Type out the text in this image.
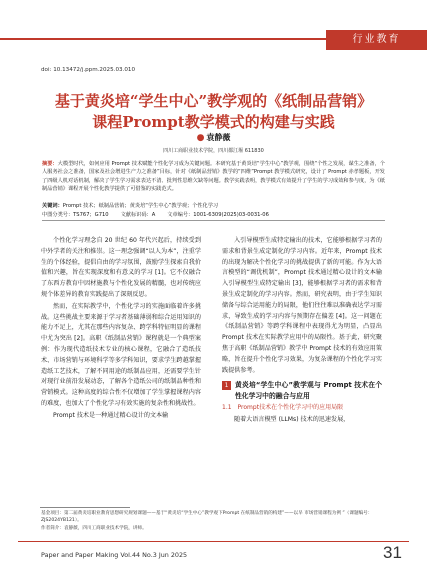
行业教育
doi: 10.13472/j.ppm.2025.03.010
基于黄炎培“学生中心”教学观的《纸制品营销》
课程Prompt教学模式的构建与实践
● 袁静薇
四川工商职业技术学院，四川都江堰 611830
摘要：大模型时代，如何应用 Prompt 技术赋能个性化学习成为关键问题。本研究基于黄炎培“学生中心”教学观，围绕“个性之发展，谋生之准备，个人服务社会之准备，国家及社会增进生产力之准备”目标，针对《纸制品营销》教学的“四维”Prompt 教学模式研究，设计了 Prompt 赤孝题板，开发了四级人机对话机制，解决了学生学习需求表达不清、批判性思维欠缺等问题。教学实践表明，教学模式有效提升了学生的学习成效和参与度，为《纸制品营销》课程开展个性化教学提供了可借鉴的实践范式。
关键词：Prompt 技术；纸制品营销；黄炎培“学生中心”教学观；个性化学习
中图分类号：TS767；G710 文献标识码：A 文章编号：1001-6309(2025)03-0031-06

个性化学习理念自 20 世纪 60 年代兴起后，持续受到中外学者的关注和推崇。这一理念强调“以人为本”，注重学生的个体经验，提倡自由的学习氛围，鼓励学生探索自我价值和兴趣，旨在实现深度和有意义的学习 [1]。它不仅融合了东西方教育中因材施教与个性化发展的精髓，也对传统应规个体差异的教育实践提出了深刻反思。

然而，在实际教学中，个性化学习的实施面临着许多挑战。这些挑战主要来源于学习者基础薄弱和综合运用知识的能力不足上，尤其在那些内容复杂、跨学科特征明显的课程中尤为突出 [2]。高职《纸制品营销》课程就是一个典型案例：作为现代造纸技术专业的核心课程，它融合了造纸技术、市场营销与环境科学等多学科知识，要求学生跨越掌握造纸工艺技术，了解不同用途的纸制品应用，还需要学生针对现行业前沿发展动态，了解各个造纸公司的纸制品种性和营销模式。这种高度的综合性不仅增加了学生掌握课程内容的难度，也加大了个性化学习有效实施的复杂性和挑战性。

Prompt 技术是一种通过精心设计的文本输

入引导模型生成特定输出的技术，它能够根据学习者的需求和背景生成定制化的学习内容。近年来，Prompt 技术的出现为解决个性化学习的挑战提供了新的可能。作为大语言模型的“调优机制”，Prompt 技术通过精心设计的文本输入引导模型生成特定输出 [3]，能够根据学习者的需求和背景生成定制化的学习内容。然而，研究表明，由于学生知识储备与综合运用能力的局限，他们往往难以准确表达学习需求，导致生成的学习内容与预期存在偏差 [4]。这一问题在《纸制品营销》等跨学科课程中表现得尤为明显，凸显出 Prompt 技术在实际教学应用中的局限性。基于此，研究聚焦于高职《纸制品营销》教学中 Prompt 技术的有效应用策略，旨在提升个性化学习效果，为复杂课程的个性化学习实践提供参考。

1 黄炎培“学生中心”教学观与 Prompt 技术在个性化学习中的融合与应用

1.1　Prompt技术在个性化学习中的应用局限

随着大语言模型 (LLMs) 技术的迅速发展，

基金项目：第二届黄炎培职业教育思想研究规划课题——基于“黄炎培“学生中心”教学观下Prompt 在纸制品营销的构建”——以早 市场营销课程为例 ”（课题编号：ZJS2024YB121）。
作者简介：袁静薇，四川工商职业技术学院，讲师。
Paper and Paper Making Vol.44 No.3 Jun 2025	31
